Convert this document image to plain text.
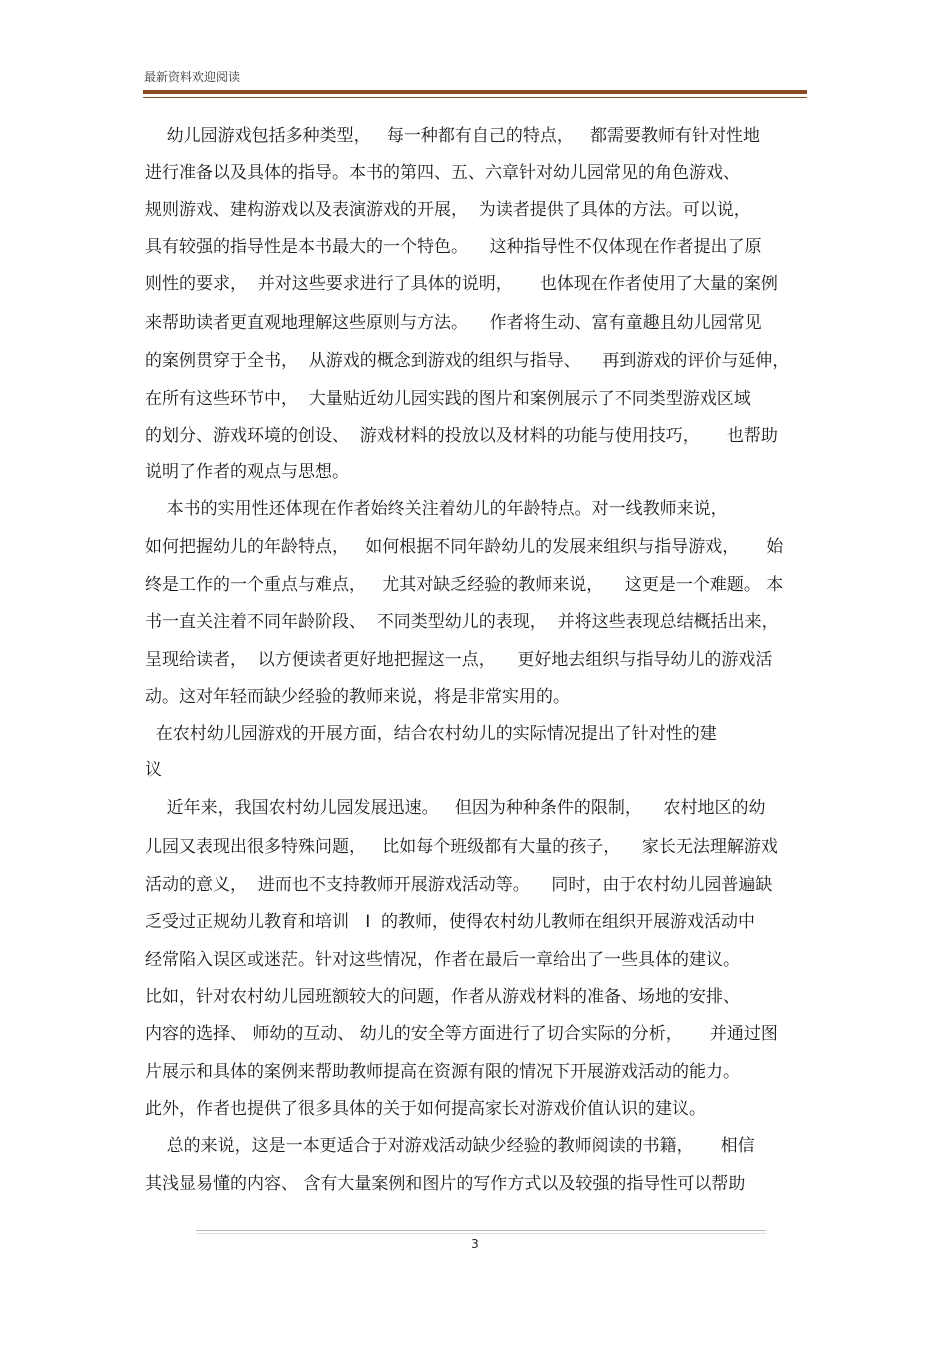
最新资料欢迎阅读
幼儿园游戏包括多种类型，   每一种都有自己的特点，   都需要教师有针对性地
进行准备以及具体的指导。本书的第四、五、六章针对幼儿园常见的角色游戏、
规则游戏、建构游戏以及表演游戏的开展，  为读者提供了具体的方法。可以说，
具有较强的指导性是本书最大的一个特色。    这种指导性不仅体现在作者提出了原
则性的要求，  并对这些要求进行了具体的说明，     也体现在作者使用了大量的案例
来帮助读者更直观地理解这些原则与方法。    作者将生动、富有童趣且幼儿园常见
的案例贯穿于全书，  从游戏的概念到游戏的组织与指导、    再到游戏的评价与延伸，
在所有这些环节中，  大量贴近幼儿园实践的图片和案例展示了不同类型游戏区域
的划分、游戏环境的创设、  游戏材料的投放以及材料的功能与使用技巧，     也帮助
说明了作者的观点与思想。
本书的实用性还体现在作者始终关注着幼儿的年龄特点。对一线教师来说，
如何把握幼儿的年龄特点，   如何根据不同年龄幼儿的发展来组织与指导游戏，     始
终是工作的一个重点与难点，   尤其对缺乏经验的教师来说，    这更是一个难题。 本
书一直关注着不同年龄阶段、  不同类型幼儿的表现，  并将这些表现总结概括出来，
呈现给读者，  以方便读者更好地把握这一点，    更好地去组织与指导幼儿的游戏活
动。这对年轻而缺少经验的教师来说，将是非常实用的。
在农村幼儿园游戏的开展方面，结合农村幼儿的实际情况提出了针对性的建
议
近年来，我国农村幼儿园发展迅速。   但因为种种条件的限制，    农村地区的幼
儿园又表现出很多特殊问题，   比如每个班级都有大量的孩子，    家长无法理解游戏
活动的意义，  进而也不支持教师开展游戏活动等。    同时，由于农村幼儿园普遍缺
乏受过正规幼儿教育和培训   I  的教师，使得农村幼儿教师在组织开展游戏活动中
经常陷入误区或迷茫。针对这些情况，作者在最后一章给出了一些具体的建议。
比如，针对农村幼儿园班额较大的问题，作者从游戏材料的准备、场地的安排、
内容的选择、 师幼的互动、 幼儿的安全等方面进行了切合实际的分析，     并通过图
片展示和具体的案例来帮助教师提高在资源有限的情况下开展游戏活动的能力。
此外，作者也提供了很多具体的关于如何提高家长对游戏价值认识的建议。
总的来说，这是一本更适合于对游戏活动缺少经验的教师阅读的书籍，     相信
其浅显易懂的内容、 含有大量案例和图片的写作方式以及较强的指导性可以帮助
3
